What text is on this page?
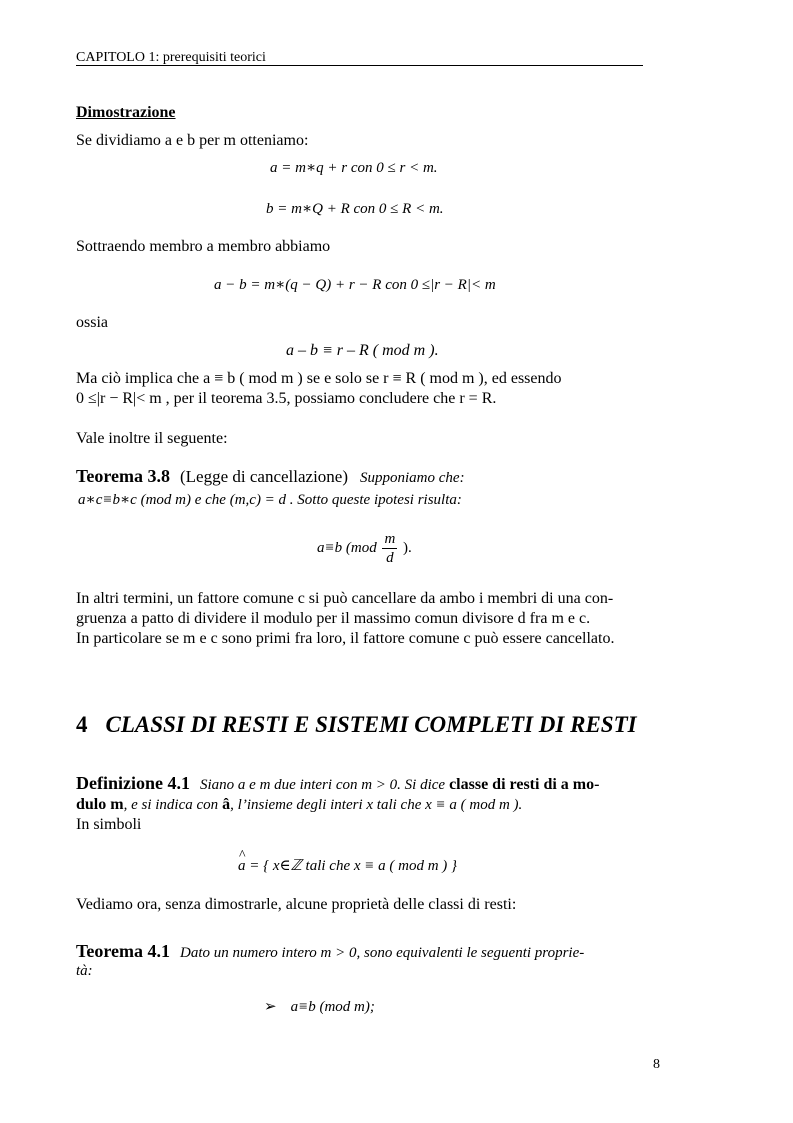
CAPITOLO 1: prerequisiti teorici
Dimostrazione
Se dividiamo a e b per m otteniamo:
a = m∗q + r con 0 ≤ r < m.
b = m∗Q + R con 0 ≤ R < m.
Sottraendo membro a membro abbiamo
a − b = m∗(q − Q) + r − R con 0 ≤|r − R|< m
ossia
a – b ≡ r – R ( mod m ).
Ma ciò implica che a ≡ b ( mod m ) se e solo se r ≡ R ( mod m ), ed essendo
0 ≤|r − R|< m , per il teorema 3.5, possiamo concludere che r = R.
Vale inoltre il seguente:
Teorema 3.8 (Legge di cancellazione) Supponiamo che:
a∗c≡b∗c (mod m) e che (m,c) = d . Sotto queste ipotesi risulta:
a≡b ($mod \frac{m}{d}$ ).
In altri termini, un fattore comune c si può cancellare da ambo i membri di una con-
gruenza a patto di dividere il modulo per il massimo comun divisore d fra m e c.
In particolare se m e c sono primi fra loro, il fattore comune c può essere cancellato.
4 CLASSI DI RESTI E SISTEMI COMPLETI DI RESTI
Definizione 4.1 Siano a e m due interi con m > 0. Si dice classe di resti di a mo-
dulo m, e si indica con â, l’insieme degli interi x tali che x ≡ a ( mod m ).
In simboli
^ a = { x∈ℤ tali che x ≡ a ( mod m ) }
Vediamo ora, senza dimostrarle, alcune proprietà delle classi di resti:
Teorema 4.1 Dato un numero intero m > 0, sono equivalenti le seguenti proprie-
tà:
➢ a≡b (mod m);
8
